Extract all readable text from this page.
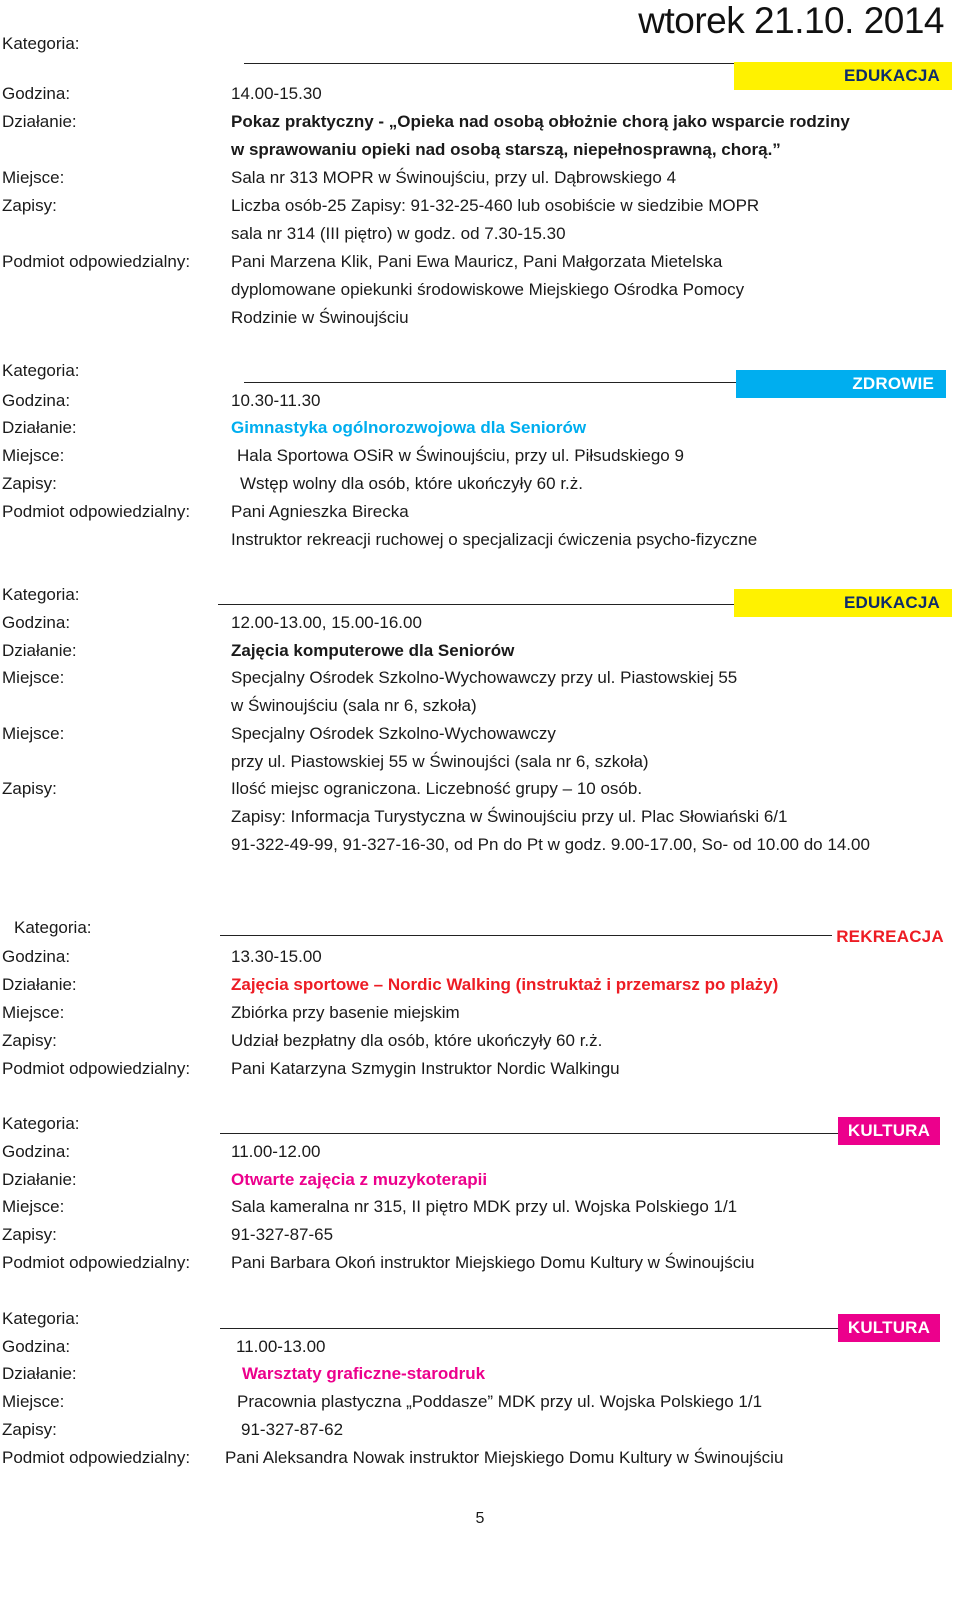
wtorek 21.10. 2014
Kategoria:
EDUKACJA
Godzina:	14.00-15.30
Działanie:	Pokaz praktyczny - „Opieka nad osobą obłożnie chorą jako wsparcie rodziny
w sprawowaniu opieki nad osobą starszą, niepełnosprawną, chorą.”
Miejsce:	Sala nr 313 MOPR w Świnoujściu, przy ul. Dąbrowskiego 4
Zapisy:	Liczba osób-25 Zapisy: 91-32-25-460 lub osobiście w siedzibie MOPR
sala nr 314 (III piętro) w godz. od 7.30-15.30
Podmiot odpowiedzialny: Pani Marzena Klik, Pani Ewa Mauricz, Pani Małgorzata Mietelska
dyplomowane opiekunki środowiskowe Miejskiego Ośrodka Pomocy
Rodzinie w Świnoujściu
Kategoria:
ZDROWIE
Godzina:	10.30-11.30
Działanie:	Gimnastyka ogólnorozwojowa dla Seniorów
Miejsce:	Hala Sportowa OSiR w Świnoujściu, przy ul. Piłsudskiego 9
Zapisy:	Wstęp wolny dla osób, które ukończyły 60 r.ż.
Podmiot odpowiedzialny: Pani Agnieszka Birecka
Instruktor rekreacji ruchowej o specjalizacji ćwiczenia psycho-fizyczne
Kategoria:	EDUKACJA
Godzina:	12.00-13.00, 15.00-16.00
Działanie:	Zajęcia komputerowe dla Seniorów
Miejsce:	Specjalny Ośrodek Szkolno-Wychowawczy przy ul. Piastowskiej 55
w Świnoujściu (sala nr 6, szkoła)
Miejsce:	Specjalny Ośrodek Szkolno-Wychowawczy
przy ul. Piastowskiej 55 w Świnoujści (sala nr 6, szkoła)
Zapisy:	Ilość miejsc ograniczona. Liczebność grupy – 10 osób.
Zapisy: Informacja Turystyczna w Świnoujściu przy ul. Plac Słowiański 6/1
91-322-49-99, 91-327-16-30, od Pn do Pt w godz. 9.00-17.00, So- od 10.00 do 14.00
Kategoria:	REKREACJA
Godzina:	13.30-15.00
Działanie:	Zajęcia sportowe – Nordic Walking (instruktaż i przemarsz po plaży)
Miejsce:	Zbiórka przy basenie miejskim
Zapisy:	Udział bezpłatny dla osób, które ukończyły 60 r.ż.
Podmiot odpowiedzialny: Pani Katarzyna Szmygin Instruktor Nordic Walkingu
Kategoria:	KULTURA
Godzina:	11.00-12.00
Działanie:	Otwarte zajęcia z muzykoterapii
Miejsce:	Sala kameralna nr 315, II piętro MDK przy ul. Wojska Polskiego 1/1
Zapisy:	91-327-87-65
Podmiot odpowiedzialny: Pani Barbara Okoń instruktor Miejskiego Domu Kultury w Świnoujściu
Kategoria:	KULTURA
Godzina:	11.00-13.00
Działanie:	Warsztaty graficzne-starodruk
Miejsce:	Pracownia plastyczna „Poddasze” MDK przy ul. Wojska Polskiego 1/1
Zapisy:	91-327-87-62
Podmiot odpowiedzialny: Pani Aleksandra Nowak instruktor Miejskiego Domu Kultury w Świnoujściu
5
